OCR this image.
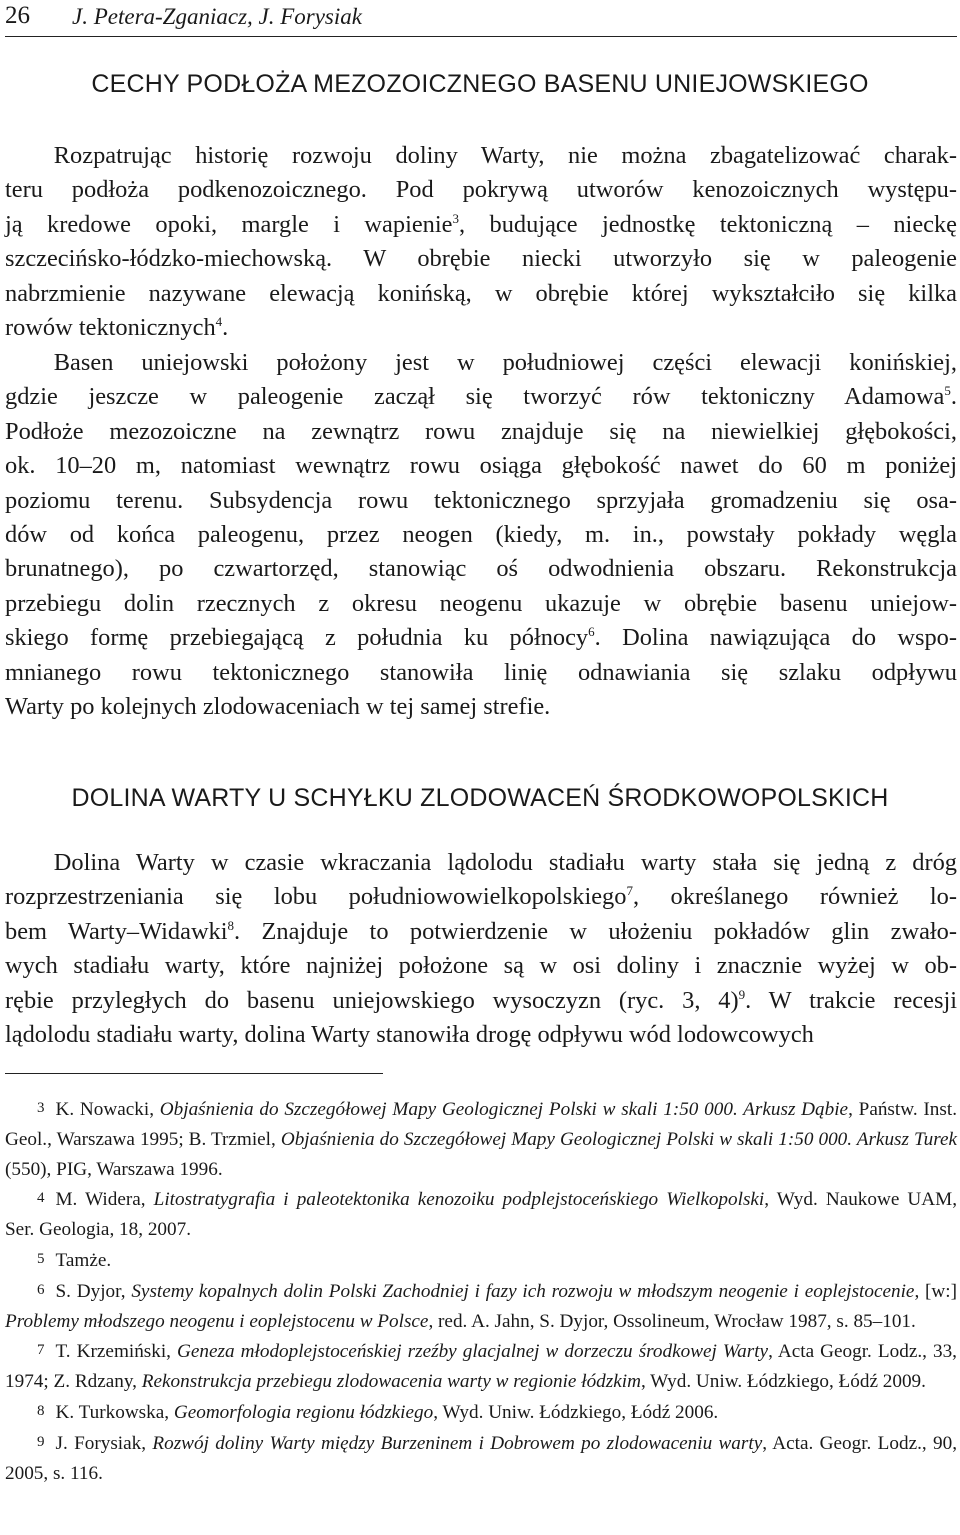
26 J. Petera-Zganiacz, J. Forysiak
CECHY PODŁOŻA MEZOZOICZNEGO BASENU UNIEJOWSKIEGO
  Rozpatrując historię rozwoju doliny Warty, nie można zbagatelizować charak-
teru podłoża podkenozoicznego. Pod pokrywą utworów kenozoicznych występu-
ją kredowe opoki, margle i wapienie$^3$, budujące jednostkę tektoniczną – nieckę
szczecińsko-łódzko-miechowską. W obrębie niecki utworzyło się w paleogenie
nabrzmienie nazywane elewacją konińską, w obrębie której wykształciło się kilka
rowów tektonicznych$^4$.
  Basen uniejowski położony jest w południowej części elewacji konińskiej,
gdzie jeszcze w paleogenie zaczął się tworzyć rów tektoniczny Adamowa$^5$.
Podłoże mezozoiczne na zewnątrz rowu znajduje się na niewielkiej głębokości,
ok. 10–20 m, natomiast wewnątrz rowu osiąga głębokość nawet do 60 m poniżej
poziomu terenu. Subsydencja rowu tektonicznego sprzyjała gromadzeniu się osa-
dów od końca paleogenu, przez neogen (kiedy, m. in., powstały pokłady węgla
brunatnego), po czwartorzęd, stanowiąc oś odwodnienia obszaru. Rekonstrukcja
przebiegu dolin rzecznych z okresu neogenu ukazuje w obrębie basenu uniejow-
skiego formę przebiegającą z południa ku północy$^6$. Dolina nawiązująca do wspo-
mnianego rowu tektonicznego stanowiła linię odnawiania się szlaku odpływu
Warty po kolejnych zlodowaceniach w tej samej strefie.
DOLINA WARTY U SCHYŁKU ZLODOWACEŃ ŚRODKOWOPOLSKICH
  Dolina Warty w czasie wkraczania lądolodu stadiału warty stała się jedną z dróg
rozprzestrzeniania się lobu południowowielkopolskiego$^7$, określanego również lo-
bem Warty–Widawki$^8$. Znajduje to potwierdzenie w ułożeniu pokładów glin zwało-
wych stadiału warty, które najniżej położone są w osi doliny i znacznie wyżej w ob-
rębie przyległych do basenu uniejowskiego wysoczyzn (ryc. 3, 4)$^9$. W trakcie recesji
lądolodu stadiału warty, dolina Warty stanowiła drogę odpływu wód lodowcowych

3 K. Nowacki, Objaśnienia do Szczegółowej Mapy Geologicznej Polski w skali 1:50 000. Arkusz Dąbie, Państw. Inst. Geol., Warszawa 1995; B. Trzmiel, Objaśnienia do Szczegółowej Mapy Geologicznej Polski w skali 1:50 000. Arkusz Turek (550), PIG, Warszawa 1996.

4 M. Widera, Litostratygrafia i paleotektonika kenozoiku podplejstoceńskiego Wielkopolski, Wyd. Naukowe UAM, Ser. Geologia, 18, 2007.

5 Tamże.

6 S. Dyjor, Systemy kopalnych dolin Polski Zachodniej i fazy ich rozwoju w młodszym neogenie i eoplejstocenie, [w:] Problemy młodszego neogenu i eoplejstocenu w Polsce, red. A. Jahn, S. Dyjor, Ossolineum, Wrocław 1987, s. 85–101.

7 T. Krzemiński, Geneza młodoplejstoceńskiej rzeźby glacjalnej w dorzeczu środkowej Warty, Acta Geogr. Lodz., 33, 1974; Z. Rdzany, Rekonstrukcja przebiegu zlodowacenia warty w regionie łódzkim, Wyd. Uniw. Łódzkiego, Łódź 2009.

8 K. Turkowska, Geomorfologia regionu łódzkiego, Wyd. Uniw. Łódzkiego, Łódź 2006.

9 J. Forysiak, Rozwój doliny Warty między Burzeninem i Dobrowem po zlodowaceniu warty, Acta. Geogr. Lodz., 90, 2005, s. 116.
